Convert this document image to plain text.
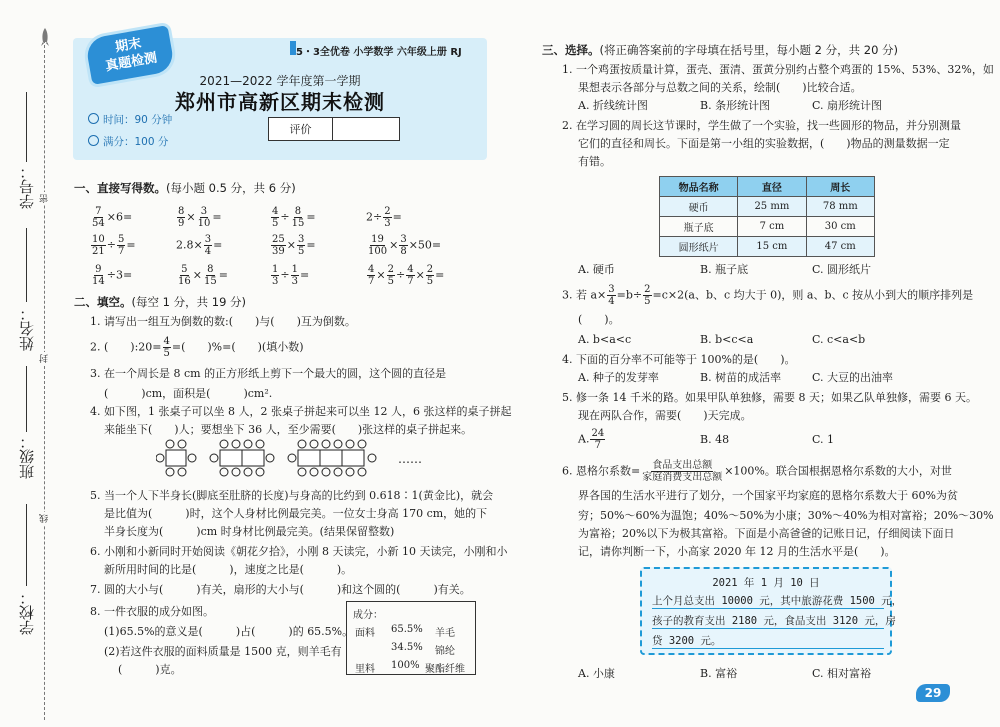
学号：
姓名：
班级：
学校：
密
封
线
期末
真题检测	5・3全优卷 小学数学 六年级上册 RJ
2021—2022 学年度第一学期
郑州市高新区期末检测
时间：90 分钟
满分：100 分
评价
一、直接写得数。(每小题 0.5 分，共 6 分)
$\frac{7}{54} \times 6=$	$\frac{8}{9} \times \frac{3}{10}$ =	$\frac{4}{5} \div \frac{8}{15}$ =	$2\div \frac{2}{3}$ =
$\frac{10}{21} \div \frac{5}{7}$ =	$2.8\times \frac{3}{4}$ =	$\frac{25}{39} \times \frac{3}{5}$ =	$\frac{19}{100} \times \frac{3}{8} \times 50=$
$\frac{9}{14} \div 3=$	$\frac{5}{16} \times \frac{8}{15}$ =	$\frac{1}{3} \div \frac{1}{3}$ =	$\frac{4}{7} \times \frac{2}{5} \div \frac{4}{7} \times \frac{2}{5}$ =
二、填空。(每空 1 分，共 19 分)
1. 请写出一组互为倒数的数:(　　)与(　　)互为倒数。
2. (　　):20= $\frac{4}{5}$ =(　　)%=(　　)(填小数)
3. 在一个周长是 8 cm 的正方形纸上剪下一个最大的圆，这个圆的直径是
(　　　)cm，面积是(　　　)cm².
4. 如下图，1 张桌子可以坐 8 人，2 张桌子拼起来可以坐 12 人，6 张这样的桌子拼起
来能坐下(　　)人；要想坐下 36 人，至少需要(　　)张这样的桌子拼起来。
……
5. 当一个人下半身长(脚底至肚脐的长度)与身高的比约到 0.618∶1(黄金比)，就会
是比值为(　　　)时，这个人身材比例最完美。一位女士身高 170 cm，她的下
半身长度为(　　　)cm 时身材比例最完美。(结果保留整数)
6. 小刚和小新同时开始阅读《朝花夕拾》，小刚 8 天读完，小新 10 天读完，小刚和小
新所用时间的比是(　　　)，速度之比是(　　　)。
7. 圆的大小与(　　　)有关，扇形的大小与(　　　)和这个圆的(　　　)有关。
8. 一件衣服的成分如图。
(1)65.5%的意义是(　　　)占(　　　)的 65.5%。
(2)若这件衣服的面料质量是 1500 克，则羊毛有
(　　　)克。
成分：
面料 65.5% 羊毛
34.5% 锦纶
里料 100% 聚酯纤维
三、选择。(将正确答案前的字母填在括号里，每小题 2 分，共 20 分)
1. 一个鸡蛋按质量计算，蛋壳、蛋清、蛋黄分别约占整个鸡蛋的 15%、53%、32%，如
果想表示各部分与总数之间的关系，绘制(　　)比较合适。
A. 折线统计图	B. 条形统计图	C. 扇形统计图
2. 在学习圆的周长这节课时，学生做了一个实验，找一些圆形的物品，并分别测量
它们的直径和周长。下面是第一小组的实验数据，(　　)物品的测量数据一定
有错。
物品名称	直径	周长
硬币	25 mm	78 mm
瓶子底	7 cm	30 cm
圆形纸片	15 cm	47 cm
A. 硬币	B. 瓶子底	C. 圆形纸片
3. 若 $a\times \frac{3}{4} =b\div \frac{2}{5} =c\times 2(a$、b、c 均大于 0)，则 a、b、c 按从小到大的顺序排列是
(　　)。
A. b<a<c	B. b<c<a	C. c<a<b
4. 下面的百分率不可能等于 100%的是(　　)。
A. 种子的发芽率	B. 树苗的成活率	C. 大豆的出油率
5. 修一条 14 千米的路。如果甲队单独修，需要 8 天；如果乙队单独修，需要 6 天。
现在两队合作，需要(　　)天完成。
A. $\frac{24}{7}$	B. 48	C. 1
6. 恩格尔系数= $\frac{\text{食品支出总额}}{\text{家庭消费支出总额}} \times 100\%$。联合国根据恩格尔系数的大小，对世
界各国的生活水平进行了划分，一个国家平均家庭的恩格尔系数大于 60%为贫
穷；50%～60%为温饱；40%～50%为小康；30%～40%为相对富裕；20%～30%
为富裕；20%以下为极其富裕。下面是小高爸爸的记账日记，仔细阅读下面日
记，请你判断一下，小高家 2020 年 12 月的生活水平是(　　)。
2021 年 1 月 10 日
上个月总支出 10000 元，其中旅游花费 1500 元，
孩子的教育支出 2180 元，食品支出 3120 元，房
贷 3200 元。
A. 小康	B. 富裕	C. 相对富裕
29
